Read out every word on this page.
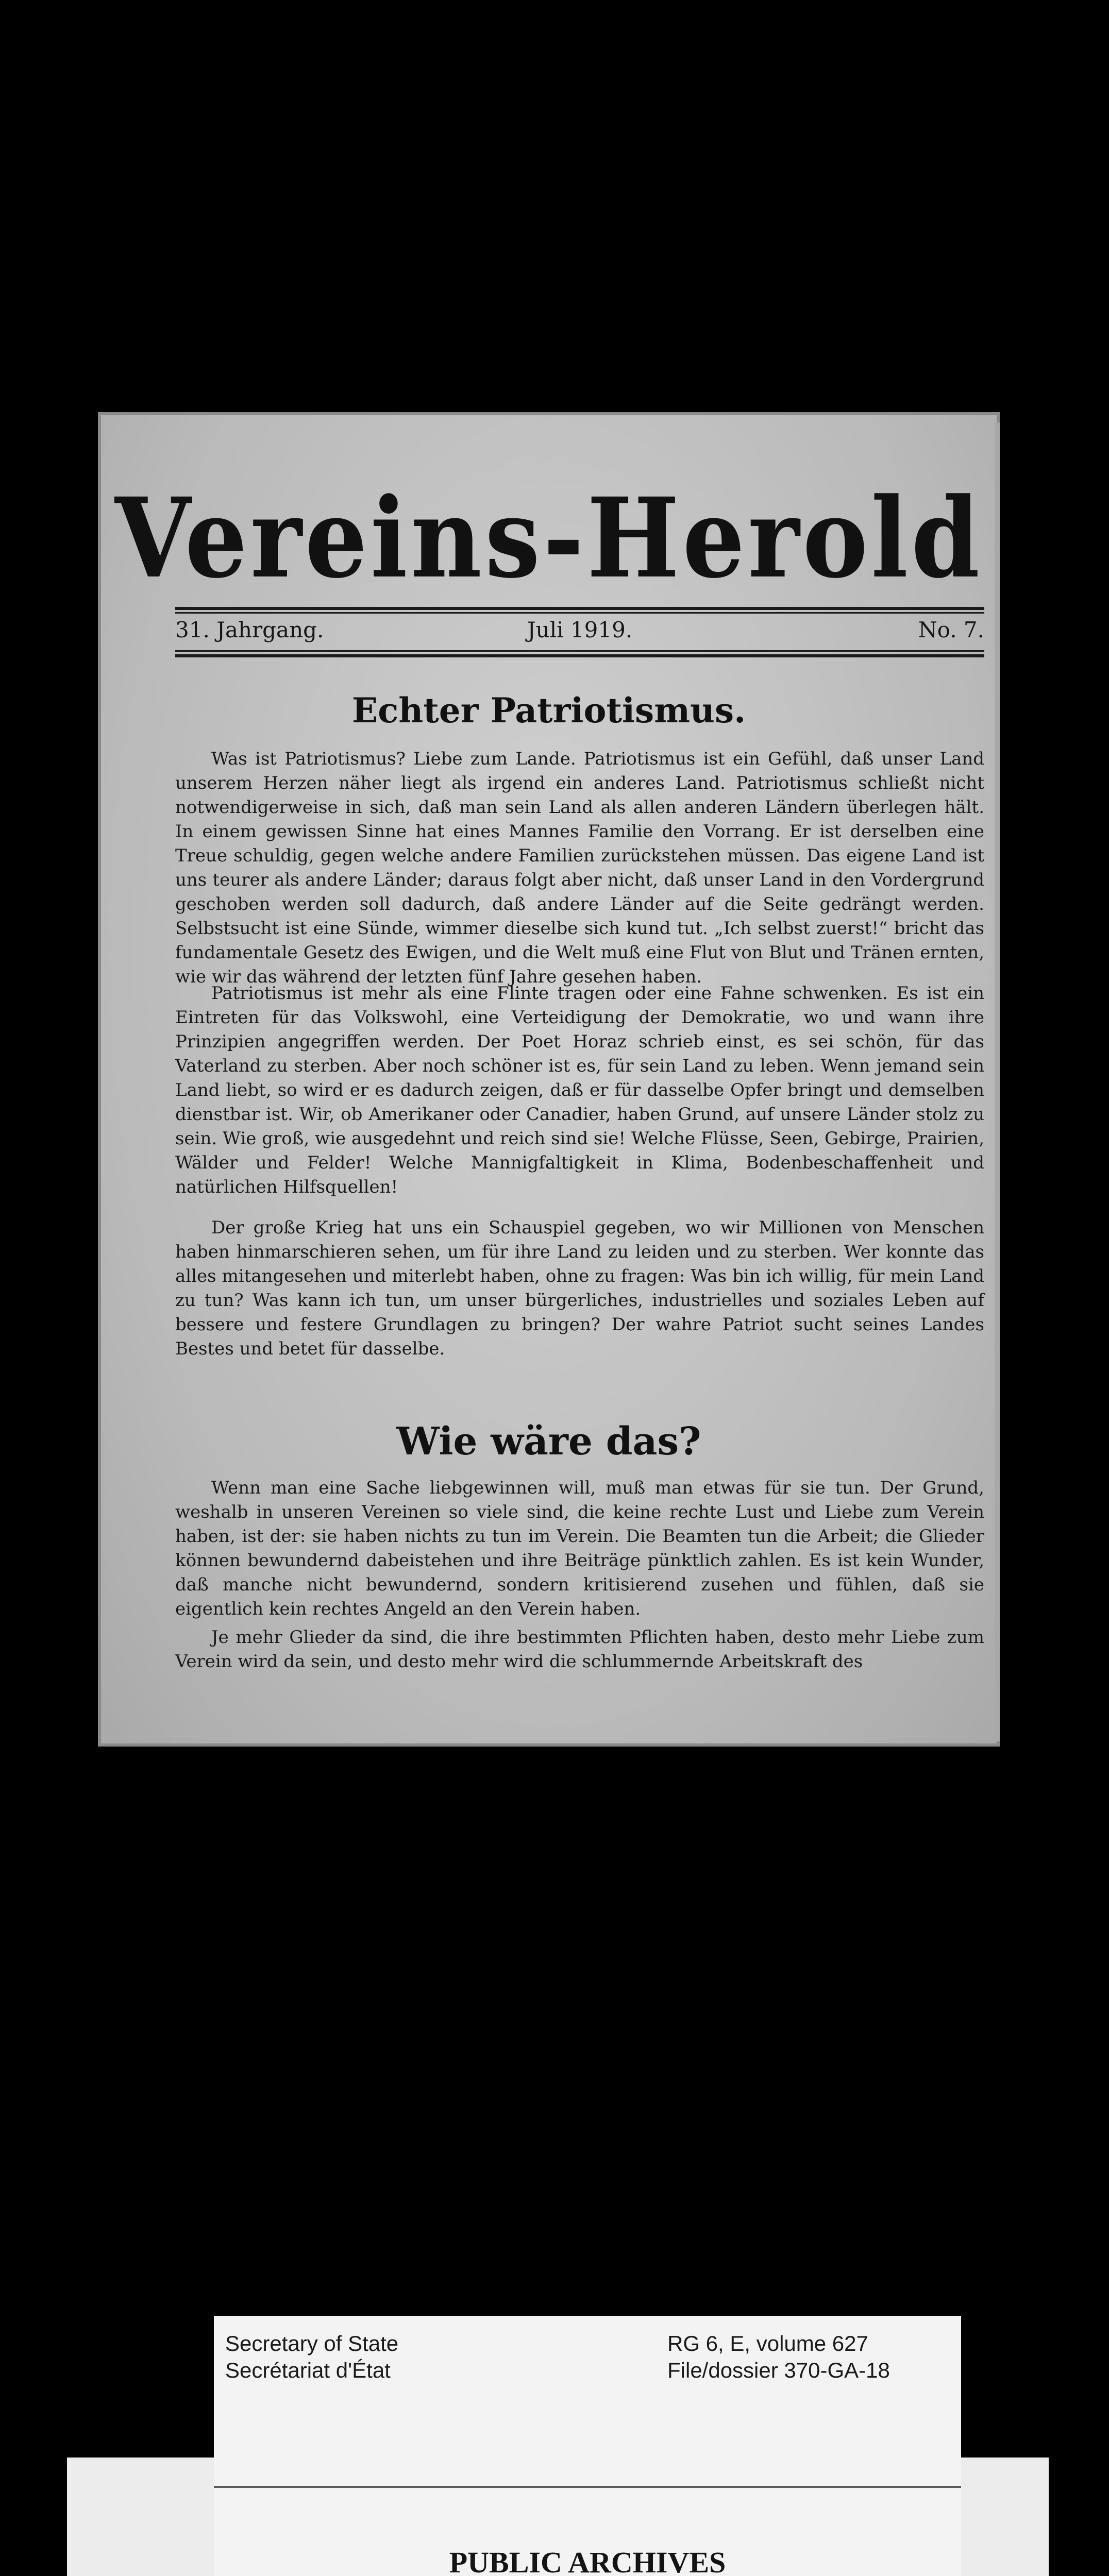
Vereins-Herold
31. Jahrgang.	Juli 1919.	No. 7.
Echter Patriotismus.

Was ist Patriotismus? Liebe zum Lande. Patriotismus ist ein Gefühl, daß unser Land unserem Herzen näher liegt als irgend ein anderes Land. Patriotismus schließt nicht notwendigerweise in sich, daß man sein Land als allen anderen Ländern überlegen hält. In einem gewissen Sinne hat eines Mannes Familie den Vorrang. Er ist derselben eine Treue schuldig, gegen welche andere Familien zurückstehen müssen. Das eigene Land ist uns teurer als andere Länder; daraus folgt aber nicht, daß unser Land in den Vordergrund geschoben werden soll dadurch, daß andere Länder auf die Seite gedrängt werden. Selbstsucht ist eine Sünde, wimmer dieselbe sich kund tut. „Ich selbst zuerst!“ bricht das fundamentale Gesetz des Ewigen, und die Welt muß eine Flut von Blut und Tränen ernten, wie wir das während der letzten fünf Jahre gesehen haben.

Patriotismus ist mehr als eine Flinte tragen oder eine Fahne schwenken. Es ist ein Eintreten für das Volkswohl, eine Verteidigung der Demokratie, wo und wann ihre Prinzipien angegriffen werden. Der Poet Horaz schrieb einst, es sei schön, für das Vaterland zu sterben. Aber noch schöner ist es, für sein Land zu leben. Wenn jemand sein Land liebt, so wird er es dadurch zeigen, daß er für dasselbe Opfer bringt und demselben dienstbar ist. Wir, ob Amerikaner oder Canadier, haben Grund, auf unsere Länder stolz zu sein. Wie groß, wie ausgedehnt und reich sind sie! Welche Flüsse, Seen, Gebirge, Prairien, Wälder und Felder! Welche Mannigfaltigkeit in Klima, Bodenbeschaffenheit und natürlichen Hilfsquellen!

Der große Krieg hat uns ein Schauspiel gegeben, wo wir Millionen von Menschen haben hinmarschieren sehen, um für ihre Land zu leiden und zu sterben. Wer konnte das alles mitangesehen und miterlebt haben, ohne zu fragen: Was bin ich willig, für mein Land zu tun? Was kann ich tun, um unser bürgerliches, industrielles und soziales Leben auf bessere und festere Grundlagen zu bringen? Der wahre Patriot sucht seines Landes Bestes und betet für dasselbe.

Wie wäre das?

Wenn man eine Sache liebgewinnen will, muß man etwas für sie tun. Der Grund, weshalb in unseren Vereinen so viele sind, die keine rechte Lust und Liebe zum Verein haben, ist der: sie haben nichts zu tun im Verein. Die Beamten tun die Arbeit; die Glieder können bewundernd dabeistehen und ihre Beiträge pünktlich zahlen. Es ist kein Wunder, daß manche nicht bewundernd, sondern kritisierend zusehen und fühlen, daß sie eigentlich kein rechtes Angeld an den Verein haben.

Je mehr Glieder da sind, die ihre bestimmten Pflichten haben, desto mehr Liebe zum Verein wird da sein, und desto mehr wird die schlummernde Arbeitskraft des

Secretary of State
Secrétariat d'État
RG 6, E, volume 627
File/dossier 370-GA-18
PUBLIC ARCHIVES
